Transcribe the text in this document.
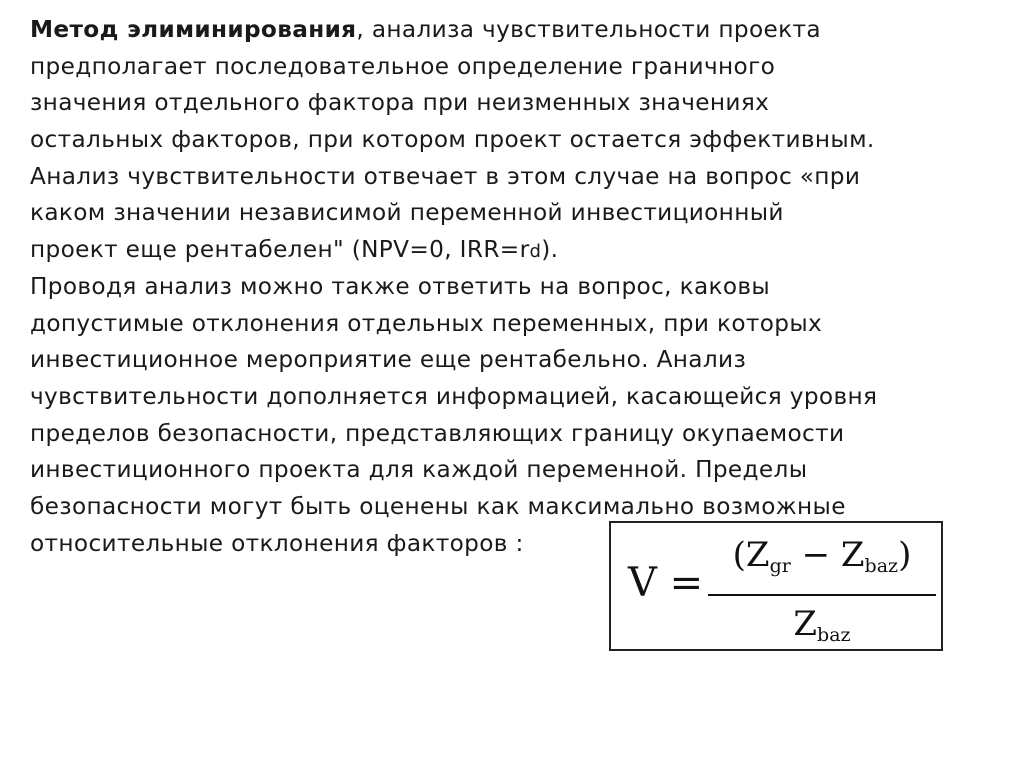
Метод элиминирования, анализа чувствительности проекта
предполагает последовательное определение граничного
значения отдельного фактора при неизменных значениях
остальных факторов, при котором проект остается эффективным.
Анализ чувствительности отвечает в этом случае на вопрос «при
каком значении независимой переменной инвестиционный
проект еще рентабелен" (NPV=0, IRR=rd).
Проводя анализ можно также ответить на вопрос, каковы
допустимые отклонения отдельных переменных, при которых
инвестиционное мероприятие еще рентабельно. Анализ
чувствительности дополняется информацией, касающейся уровня
пределов безопасности, представляющих границу окупаемости
инвестиционного проекта для каждой переменной. Пределы
безопасности могут быть оценены как максимально возможные
относительные отклонения факторов :
V =
(Zgr − Zbaz)
Zbaz
